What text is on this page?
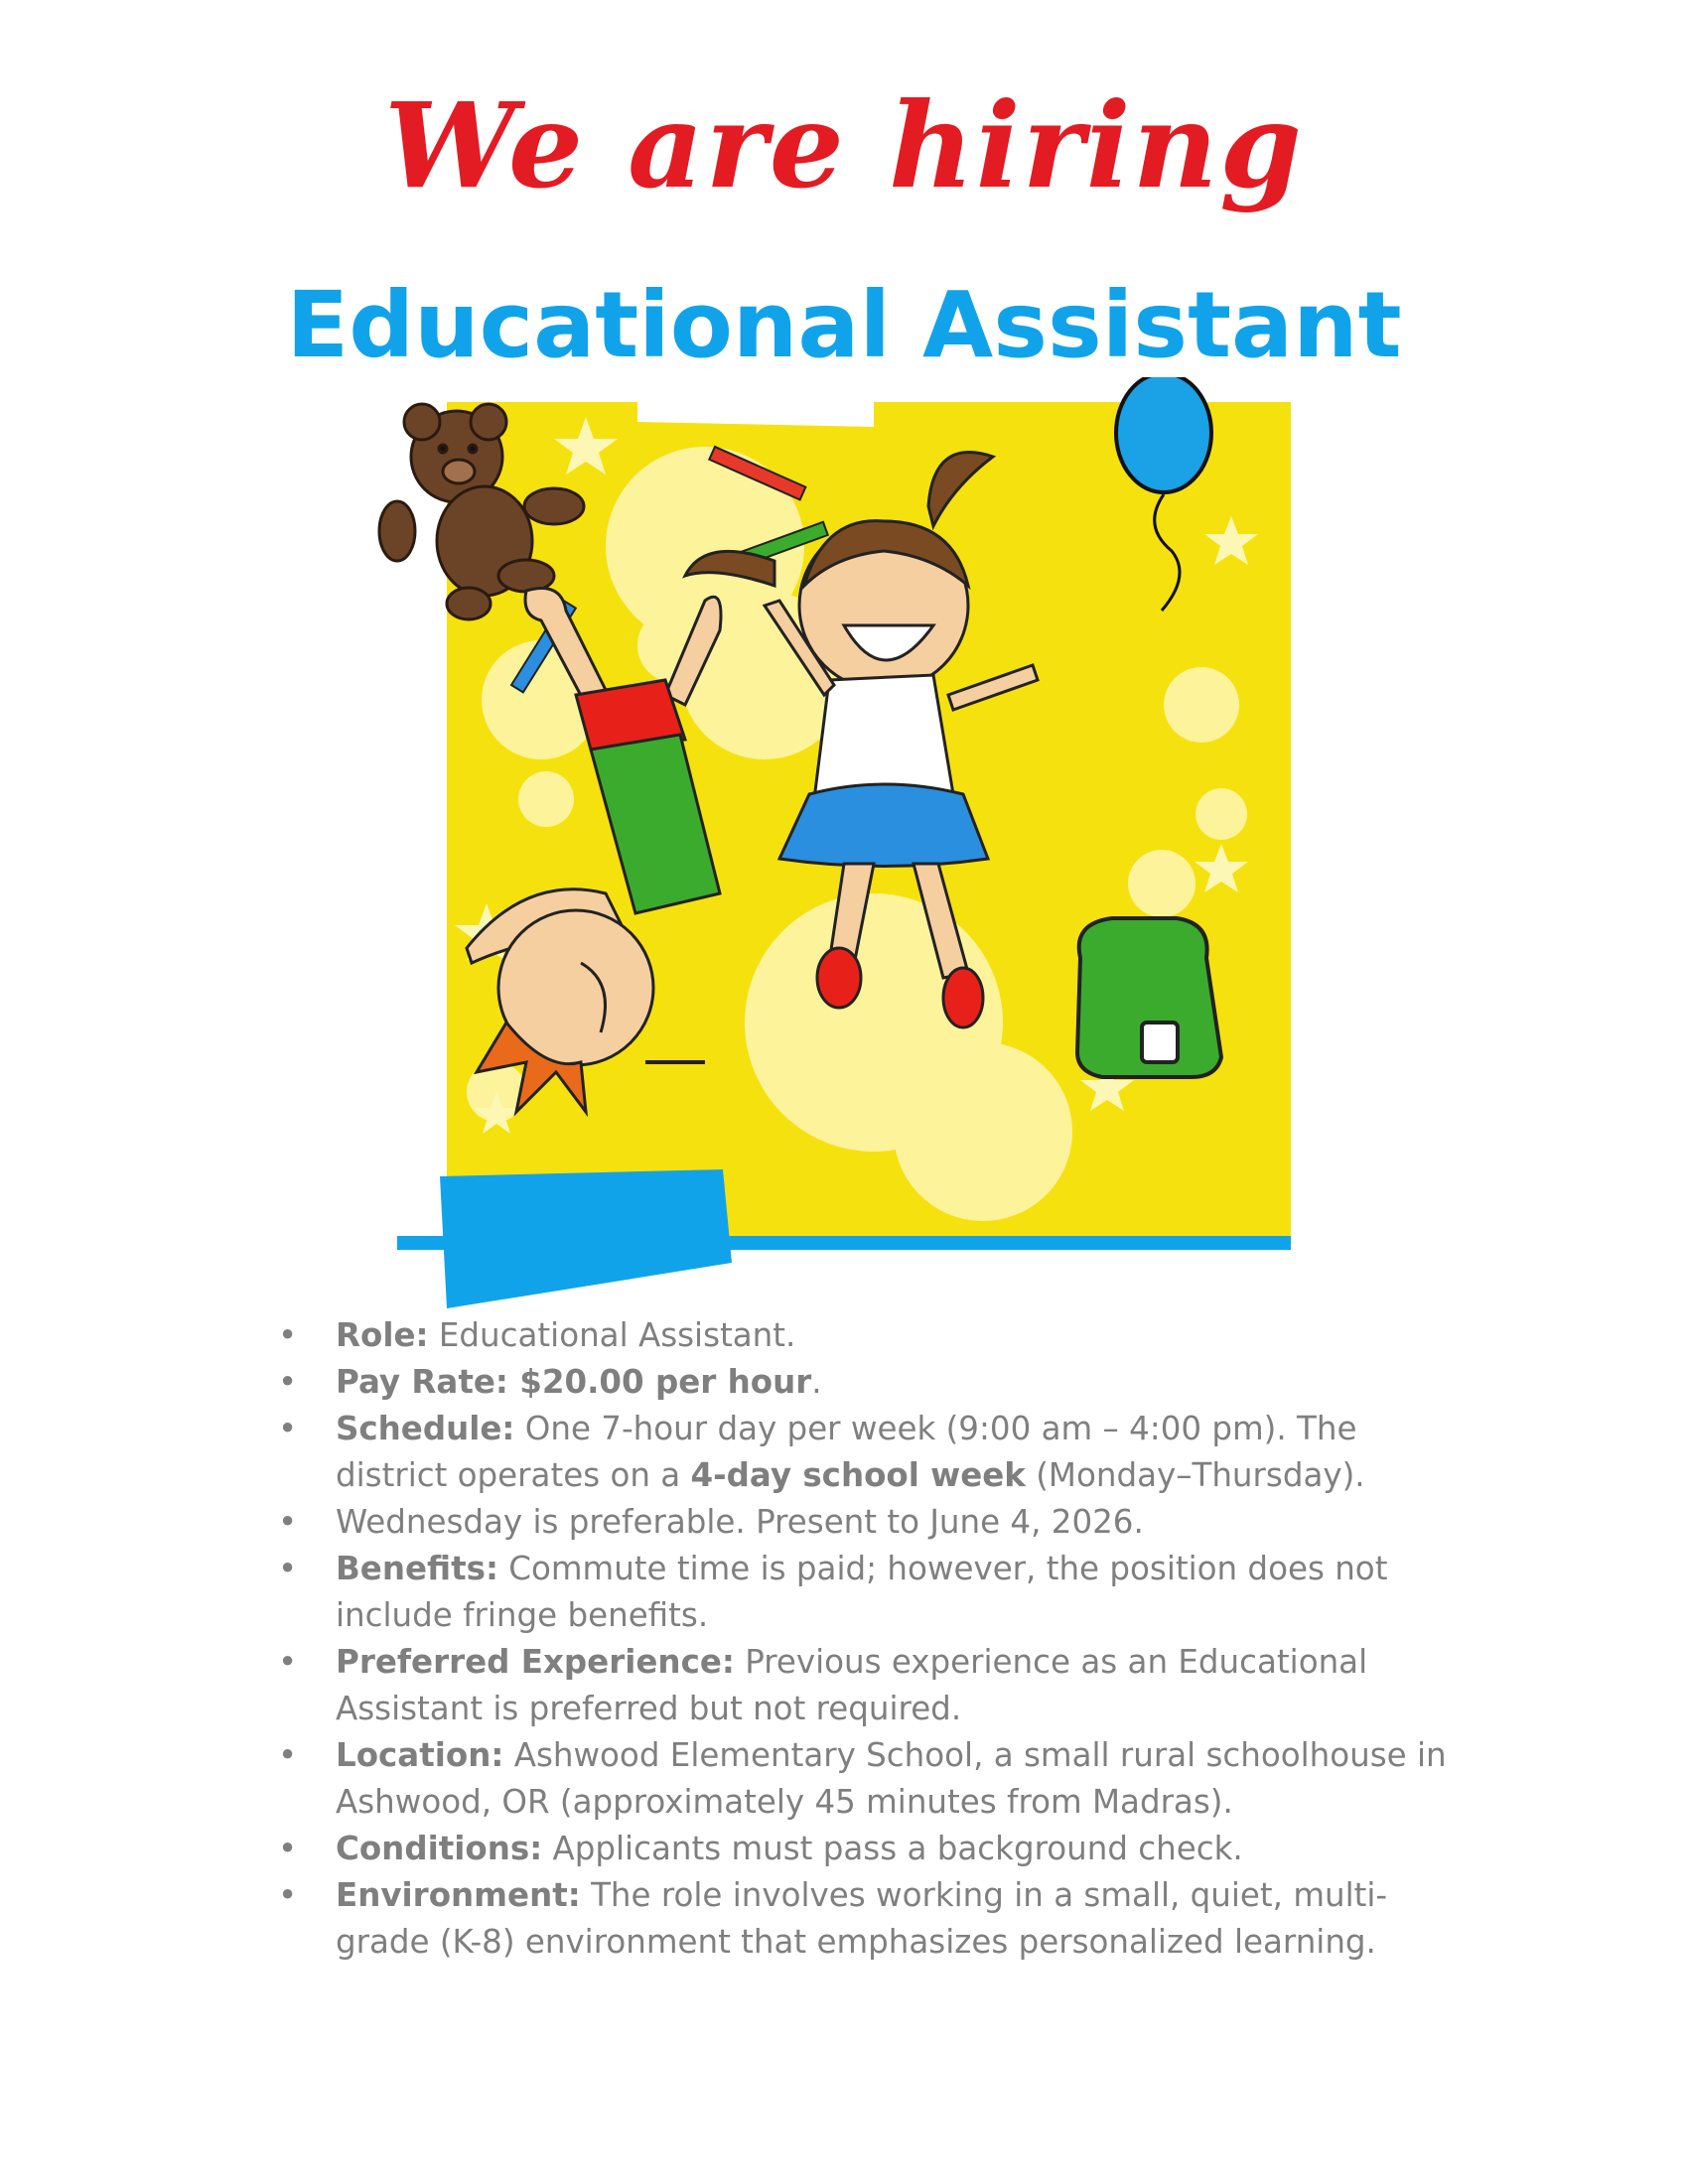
We are hiring
Educational Assistant
• Role: Educational Assistant.
• Pay Rate: $20.00 per hour.
• Schedule: One 7-hour day per week (9:00 am – 4:00 pm). The district operates on a 4-day school week (Monday–Thursday).
• Wednesday is preferable. Present to June 4, 2026.
• Benefits: Commute time is paid; however, the position does not include fringe benefits.
• Preferred Experience: Previous experience as an Educational Assistant is preferred but not required.
• Location: Ashwood Elementary School, a small rural schoolhouse in Ashwood, OR (approximately 45 minutes from Madras).
• Conditions: Applicants must pass a background check.
• Environment: The role involves working in a small, quiet, multi-grade (K-8) environment that emphasizes personalized learning.
